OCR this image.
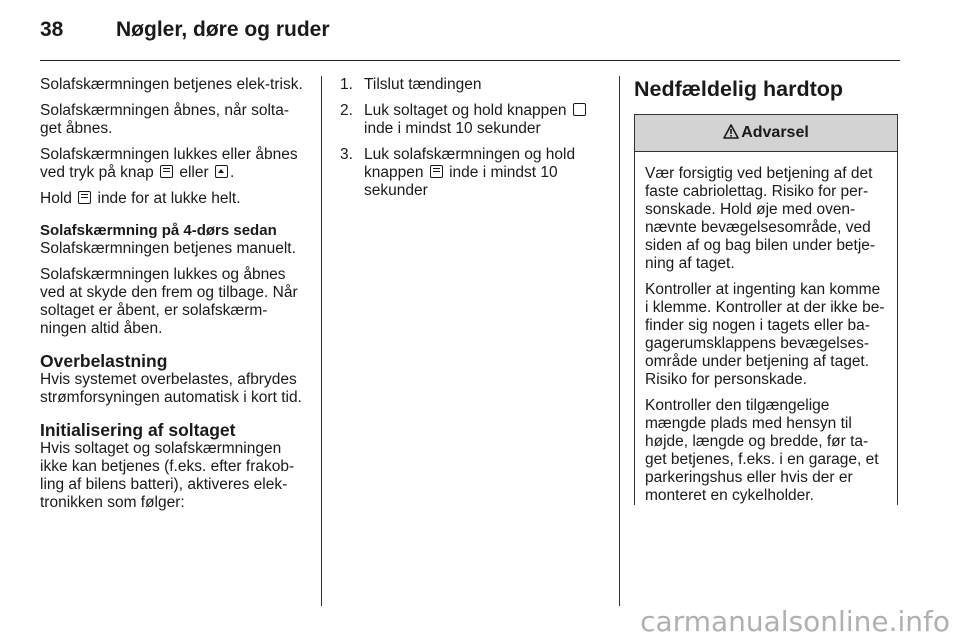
38	Nøgler, døre og ruder

Solafskærmningen betjenes elek-trisk.

Solafskærmningen åbnes, når solta-get åbnes.

Solafskærmningen lukkes eller åbnes ved tryk på knap  eller .

Hold  inde for at lukke helt.

Solafskærmning på 4-dørs sedan

Solafskærmningen betjenes manuelt.

Solafskærmningen lukkes og åbnes ved at skyde den frem og tilbage. Når soltaget er åbent, er solafskærm-ningen altid åben.

Overbelastning

Hvis systemet overbelastes, afbrydes strømforsyningen automatisk i kort tid.

Initialisering af soltaget

Hvis soltaget og solafskærmningen ikke kan betjenes (f.eks. efter frakob-ling af bilens batteri), aktiveres elek-tronikken som følger:

1. Tilslut tændingen
2. Luk soltaget og hold knappen  inde i mindst 10 sekunder
3. Luk solafskærmningen og hold knappen  inde i mindst 10 sekunder
Nedfældelig hardtop
Advarsel

Vær forsigtig ved betjening af det faste cabriolettag. Risiko for per-sonskade. Hold øje med oven-nævnte bevægelsesområde, ved siden af og bag bilen under betje-ning af taget.

Kontroller at ingenting kan komme i klemme. Kontroller at der ikke be-finder sig nogen i tagets eller ba-gagerumsklappens bevægelses-område under betjening af taget. Risiko for personskade.

Kontroller den tilgængelige mængde plads med hensyn til højde, længde og bredde, før ta-get betjenes, f.eks. i en garage, et parkeringshus eller hvis der er monteret en cykelholder.

carmanualsonline.info
